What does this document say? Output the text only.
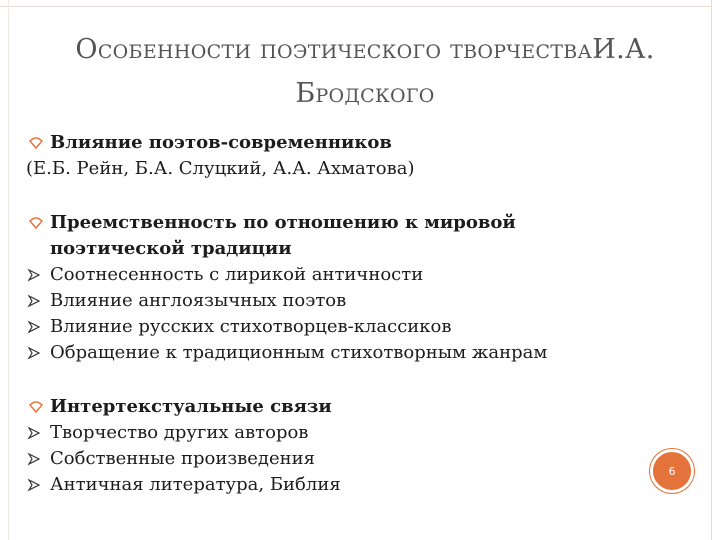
Особенности поэтического творчестваИ.А.
Бродского
Влияние поэтов-современников
(Е.Б. Рейн, Б.А. Слуцкий, А.А. Ахматова)
Преемственность по отношению к мировой
поэтической традиции
Соотнесенность с лирикой античности
Влияние англоязычных поэтов
Влияние русских стихотворцев-классиков
Обращение к традиционным стихотворным жанрам
Интертекстуальные связи
Творчество других авторов
Собственные произведения
Античная литература, Библия
6
